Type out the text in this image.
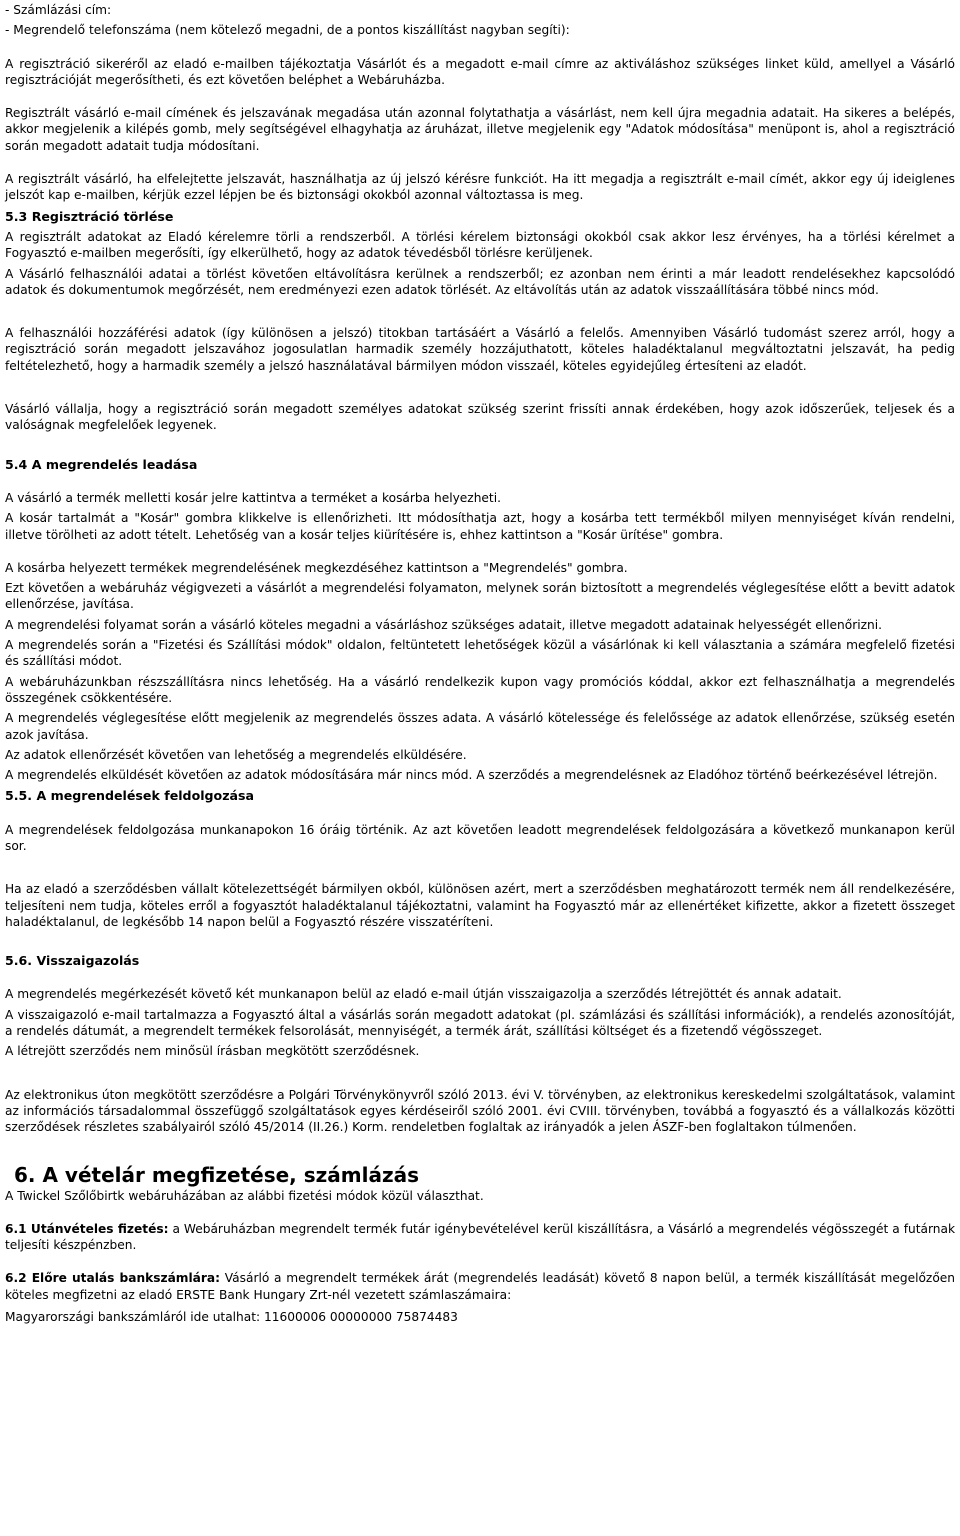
- Számlázási cím:

- Megrendelő telefonszáma (nem kötelező megadni, de a pontos kiszállítást nagyban segíti):

A regisztráció sikeréről az eladó e-mailben tájékoztatja Vásárlót és a megadott e-mail címre az aktiváláshoz szükséges linket küld, amellyel a Vásárló regisztrációját megerősítheti, és ezt követően beléphet a Webáruházba.

Regisztrált vásárló e-mail címének és jelszavának megadása után azonnal folytathatja a vásárlást, nem kell újra megadnia adatait. Ha sikeres a belépés, akkor megjelenik a kilépés gomb, mely segítségével elhagyhatja az áruházat, illetve megjelenik egy "Adatok módosítása" menüpont is, ahol a regisztráció során megadott adatait tudja módosítani.

A regisztrált vásárló, ha elfelejtette jelszavát, használhatja az új jelszó kérésre funkciót. Ha itt megadja a regisztrált e-mail címét, akkor egy új ideiglenes jelszót kap e-mailben, kérjük ezzel lépjen be és biztonsági okokból azonnal változtassa is meg.

5.3 Regisztráció törlése

A regisztrált adatokat az Eladó kérelemre törli a rendszerből. A törlési kérelem biztonsági okokból csak akkor lesz érvényes, ha a törlési kérelmet a Fogyasztó e-mailben megerősíti, így elkerülhető, hogy az adatok tévedésből törlésre kerüljenek.

A Vásárló felhasználói adatai a törlést követően eltávolításra kerülnek a rendszerből; ez azonban nem érinti a már leadott rendelésekhez kapcsolódó adatok és dokumentumok megőrzését, nem eredményezi ezen adatok törlését. Az eltávolítás után az adatok visszaállítására többé nincs mód.

A felhasználói hozzáférési adatok (így különösen a jelszó) titokban tartásáért a Vásárló a felelős. Amennyiben Vásárló tudomást szerez arról, hogy a regisztráció során megadott jelszavához jogosulatlan harmadik személy hozzájuthatott, köteles haladéktalanul megváltoztatni jelszavát, ha pedig feltételezhető, hogy a harmadik személy a jelszó használatával bármilyen módon visszaél, köteles egyidejűleg értesíteni az eladót.

Vásárló vállalja, hogy a regisztráció során megadott személyes adatokat szükség szerint frissíti annak érdekében, hogy azok időszerűek, teljesek és a valóságnak megfelelőek legyenek.

5.4 A megrendelés leadása

A vásárló a termék melletti kosár jelre kattintva a terméket a kosárba helyezheti.

A kosár tartalmát a "Kosár" gombra klikkelve is ellenőrizheti. Itt módosíthatja azt, hogy a kosárba tett termékből milyen mennyiséget kíván rendelni, illetve törölheti az adott tételt. Lehetőség van a kosár teljes kiürítésére is, ehhez kattintson a "Kosár ürítése" gombra.

A kosárba helyezett termékek megrendelésének megkezdéséhez kattintson a "Megrendelés" gombra.

Ezt követően a webáruház végigvezeti a vásárlót a megrendelési folyamaton, melynek során biztosított a megrendelés véglegesítése előtt a bevitt adatok ellenőrzése, javítása.

A megrendelési folyamat során a vásárló köteles megadni a vásárláshoz szükséges adatait, illetve megadott adatainak helyességét ellenőrizni.

A megrendelés során a "Fizetési és Szállítási módok" oldalon, feltüntetett lehetőségek közül a vásárlónak ki kell választania a számára megfelelő fizetési és szállítási módot.

A webáruházunkban részszállításra nincs lehetőség. Ha a vásárló rendelkezik kupon vagy promóciós kóddal, akkor ezt felhasználhatja a megrendelés összegének csökkentésére.

A megrendelés véglegesítése előtt megjelenik az megrendelés összes adata. A vásárló kötelessége és felelőssége az adatok ellenőrzése, szükség esetén azok javítása.

Az adatok ellenőrzését követően van lehetőség a megrendelés elküldésére.

A megrendelés elküldését követően az adatok módosítására már nincs mód. A szerződés a megrendelésnek az Eladóhoz történő beérkezésével létrejön.

5.5. A megrendelések feldolgozása

A megrendelések feldolgozása munkanapokon 16 óráig történik. Az azt követően leadott megrendelések feldolgozására a következő munkanapon kerül sor.

Ha az eladó a szerződésben vállalt kötelezettségét bármilyen okból, különösen azért, mert a szerződésben meghatározott termék nem áll rendelkezésére, teljesíteni nem tudja, köteles erről a fogyasztót haladéktalanul tájékoztatni, valamint ha Fogyasztó már az ellenértéket kifizette, akkor a fizetett összeget haladéktalanul, de legkésőbb 14 napon belül a Fogyasztó részére visszatéríteni.

5.6. Visszaigazolás

A megrendelés megérkezését követő két munkanapon belül az eladó e-mail útján visszaigazolja a szerződés létrejöttét és annak adatait.

A visszaigazoló e-mail tartalmazza a Fogyasztó által a vásárlás során megadott adatokat (pl. számlázási és szállítási információk), a rendelés azonosítóját, a rendelés dátumát, a megrendelt termékek felsorolását, mennyiségét, a termék árát, szállítási költséget és a fizetendő végösszeget.

A létrejött szerződés nem minősül írásban megkötött szerződésnek.

Az elektronikus úton megkötött szerződésre a Polgári Törvénykönyvről szóló 2013. évi V. törvényben, az elektronikus kereskedelmi szolgáltatások, valamint az információs társadalommal összefüggő szolgáltatások egyes kérdéseiről szóló 2001. évi CVIII. törvényben, továbbá a fogyasztó és a vállalkozás közötti szerződések részletes szabályairól szóló 45/2014 (II.26.) Korm. rendeletben foglaltak az irányadók a jelen ÁSZF-ben foglaltakon túlmenően.

6. A vételár megfizetése, számlázás

A Twickel Szőlőbirtk webáruházában az alábbi fizetési módok közül választhat.

6.1 Utánvételes fizetés: a Webáruházban megrendelt termék futár igénybevételével kerül kiszállításra, a Vásárló a megrendelés végösszegét a futárnak teljesíti készpénzben.

6.2 Előre utalás bankszámlára: Vásárló a megrendelt termékek árát (megrendelés leadását) követő 8 napon belül, a termék kiszállítását megelőzően köteles megfizetni az eladó ERSTE Bank Hungary Zrt-nél vezetett számlaszámaira:

Magyarországi bankszámláról ide utalhat: 11600006 00000000 75874483
